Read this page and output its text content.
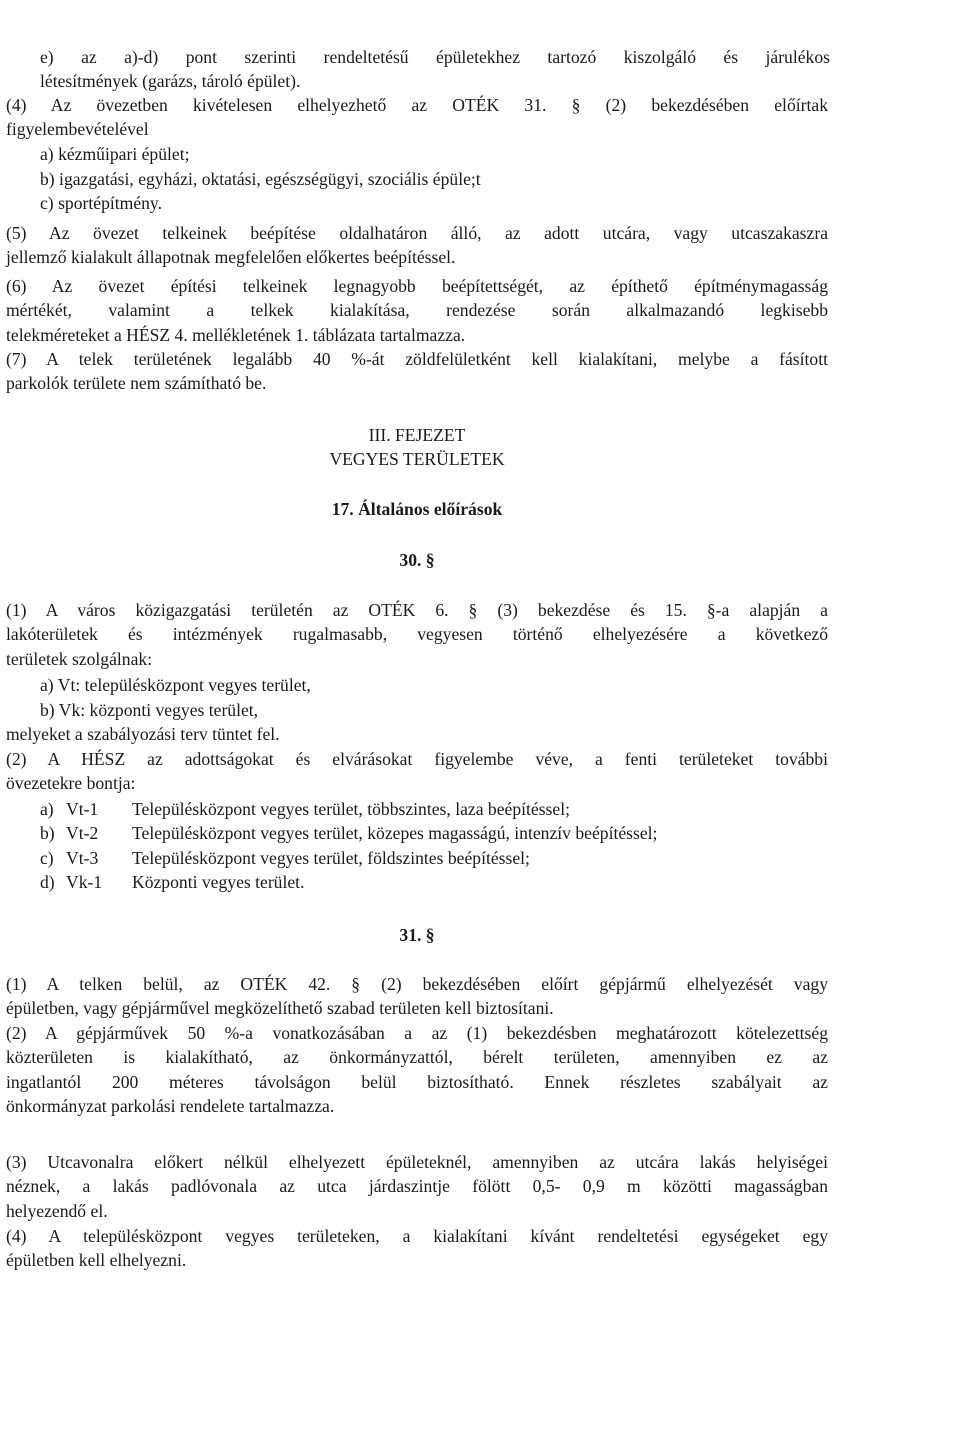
e) az a)-d) pont szerinti rendeltetésű épületekhez tartozó kiszolgáló és járulékos
létesítmények (garázs, tároló épület).
(4) Az övezetben kivételesen elhelyezhető az OTÉK 31. § (2) bekezdésében előírtak
figyelembevételével

a) kézműipari épület;

b) igazgatási, egyházi, oktatási, egészségügyi, szociális épüle;t

c) sportépítmény.

(5) Az övezet telkeinek beépítése oldalhatáron álló, az adott utcára, vagy utcaszakaszra
jellemző kialakult állapotnak megfelelően előkertes beépítéssel.
(6) Az övezet építési telkeinek legnagyobb beépítettségét, az építhető építménymagasság
mértékét, valamint a telkek kialakítása, rendezése során alkalmazandó legkisebb
telekméreteket a HÉSZ 4. mellékletének 1. táblázata tartalmazza.
(7) A telek területének legalább 40 %-át zöldfelületként kell kialakítani, melybe a fásított
parkolók területe nem számítható be.

III. FEJEZET

VEGYES TERÜLETEK

17. Általános előírások

30. §

(1) A város közigazgatási területén az OTÉK 6. § (3) bekezdése és 15. §-a alapján a
lakóterületek és intézmények rugalmasabb, vegyesen történő elhelyezésére a következő
területek szolgálnak:

a) Vt: településközpont vegyes terület,

b) Vk: központi vegyes terület,

melyeket a szabályozási terv tüntet fel.

(2) A HÉSZ az adottságokat és elvárásokat figyelembe véve, a fenti területeket további
övezetekre bontja:
a) Vt-1	Településközpont vegyes terület, többszintes, laza beépítéssel;
b) Vt-2	Településközpont vegyes terület, közepes magasságú, intenzív beépítéssel;
c) Vt-3	Településközpont vegyes terület, földszintes beépítéssel;
d) Vk-1	Központi vegyes terület.

31. §

(1) A telken belül, az OTÉK 42. § (2) bekezdésében előírt gépjármű elhelyezését vagy
épületben, vagy gépjárművel megközelíthető szabad területen kell biztosítani.
(2) A gépjárművek 50 %-a vonatkozásában a az (1) bekezdésben meghatározott kötelezettség
közterületen is kialakítható, az önkormányzattól, bérelt területen, amennyiben ez az
ingatlantól 200 méteres távolságon belül biztosítható. Ennek részletes szabályait az
önkormányzat parkolási rendelete tartalmazza.
(3) Utcavonalra előkert nélkül elhelyezett épületeknél, amennyiben az utcára lakás helyiségei
néznek, a lakás padlóvonala az utca járdaszintje fölött 0,5- 0,9 m közötti magasságban
helyezendő el.
(4) A településközpont vegyes területeken, a kialakítani kívánt rendeltetési egységeket egy
épületben kell elhelyezni.
